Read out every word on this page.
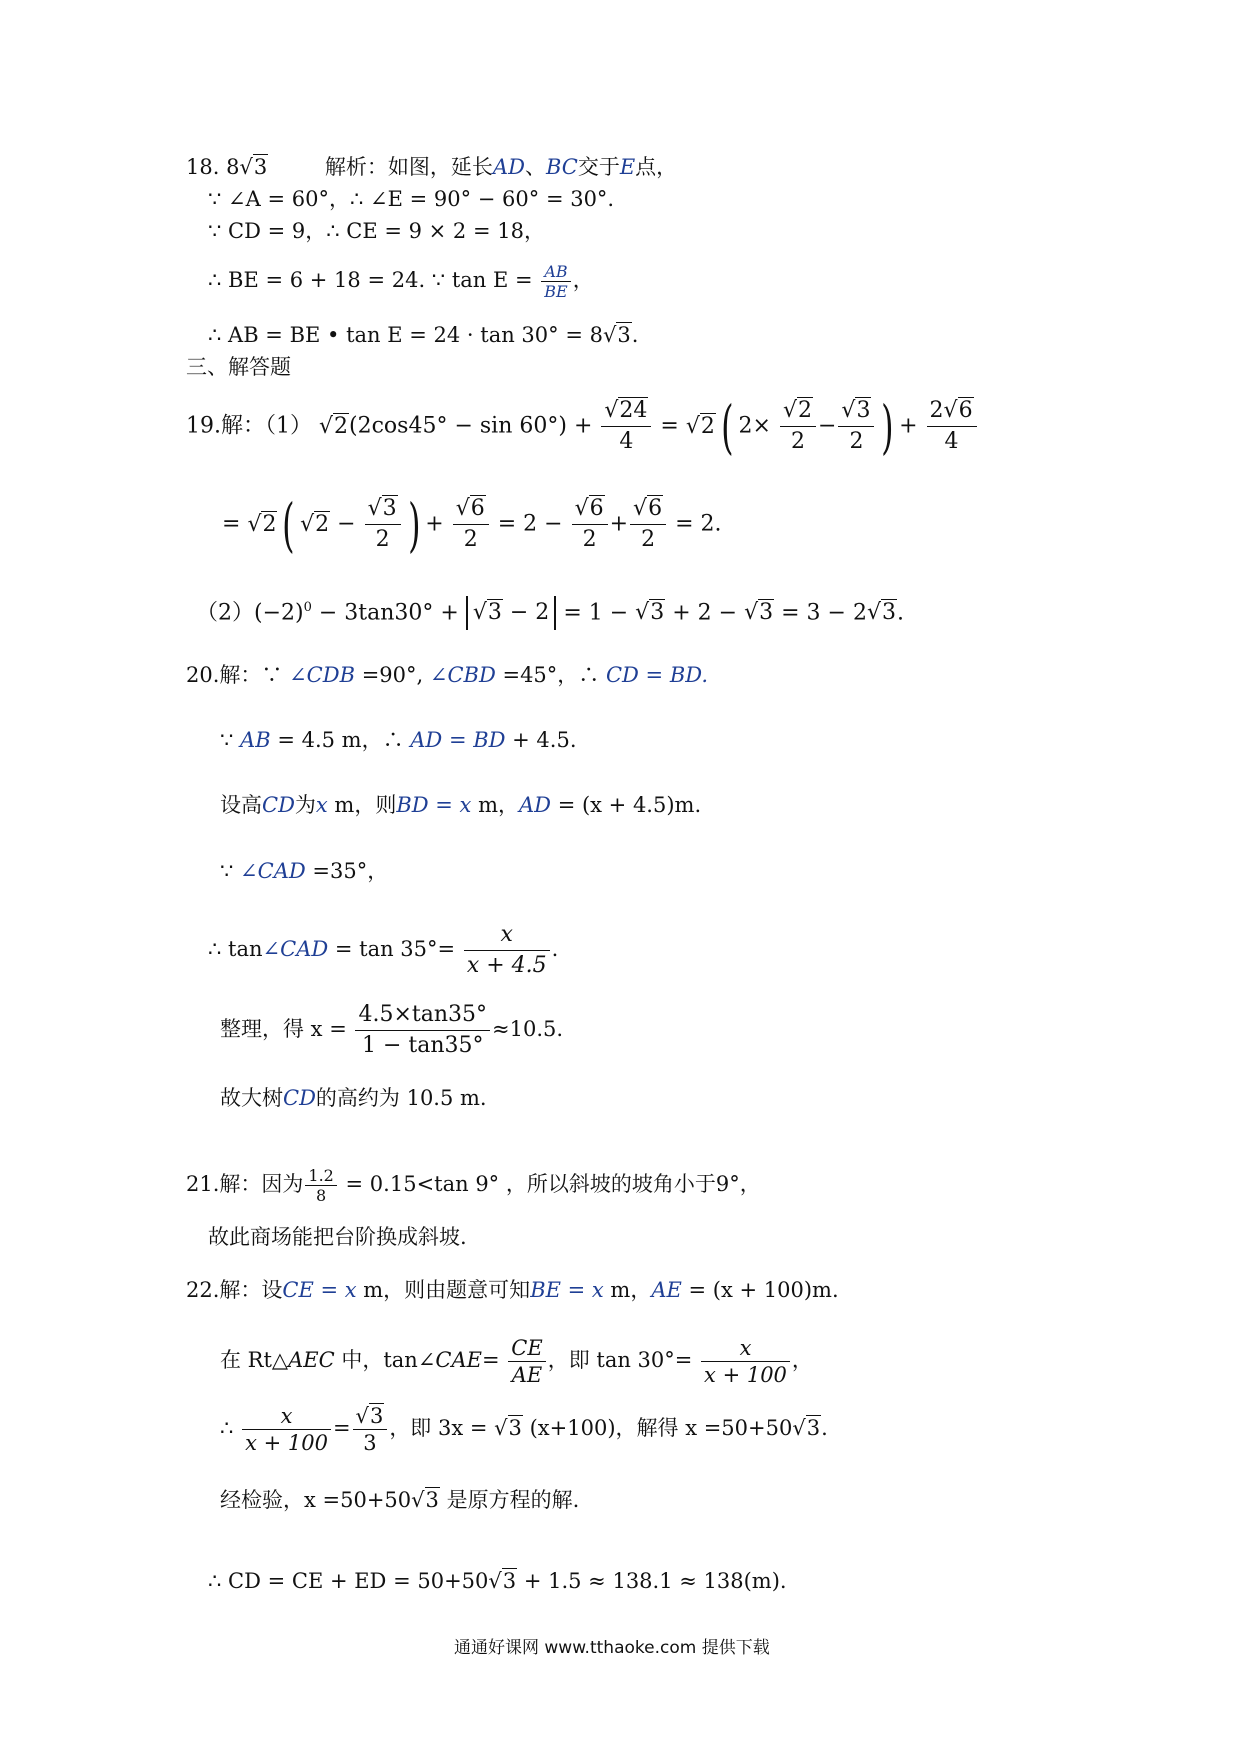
18. 8√3	解析：如图，延长AD、BC交于E点，
∵ ∠A = 60°，∴ ∠E = 90° − 60° = 30°.
∵ CD = 9，∴ CE = 9 × 2 = 18，
∴ BE = 6 + 18 = 24. ∵ $\tan E = \frac{AB}{BE}$ ，
∴ AB = BE • tan E = 24 · tan 30° = 8√3.
三、解答题
19.解：（1） $√2(2\cos 45^\circ - \sin 60^\circ) + \frac{√24}{4} = √2$ ( $2\times \frac{√2}{2} - \frac{√3}{2}$ ) + $\frac{2√6}{4}$
= √2 ( $√2 - \frac{√3}{2}$ ) + $\frac{√6}{2} = 2 - \frac{√6}{2} + \frac{√6}{2} = 2$.
$(2)(-2)^0 - 3\tan 30^\circ + √3 - 2 = 1 - √3 + 2 - √3 = 3 - 2√3$.
20.解：∵ ∠CDB =90°, ∠CBD =45°，∴ CD = BD.
∵ AB = 4.5 m，∴ AD = BD + 4.5.
设高CD为x m，则BD = x m，AD = (x + 4.5)m.
∵ ∠CAD =35°，
∴ tan∠CAD = $\tan 35^\circ= \frac{x}{x + 4.5}$ .
整理，得 $x = \frac{4.5\times\tan 35^\circ}{1 - \tan 35^\circ} \approx 10.5$.
故大树CD的高约为 10.5 m.
21.解：因为 $\frac{1.2}{8} = 0.15<\tan$ 9° ，所以斜坡的坡角小于9°，
故此商场能把台阶换成斜坡.
22.解：设CE = x m，则由题意可知BE = x m，AE = (x + 100)m.
在 Rt△AEC 中，tan∠CAE= $\frac{CE}{AE}$ ，即 $\tan 30^\circ= \frac{x}{x + 100}$ ，
∴ $\frac{x}{x + 100} = \frac{√3}{3}$ ，即 3x = √3 (x+100)，解得 x =50+50√3.
经检验，x =50+50√3 是原方程的解.
∴ CD = CE + ED = 50+50√3 + 1.5 ≈ 138.1 ≈ 138(m).
通通好课网 www.tthaoke.com 提供下载
